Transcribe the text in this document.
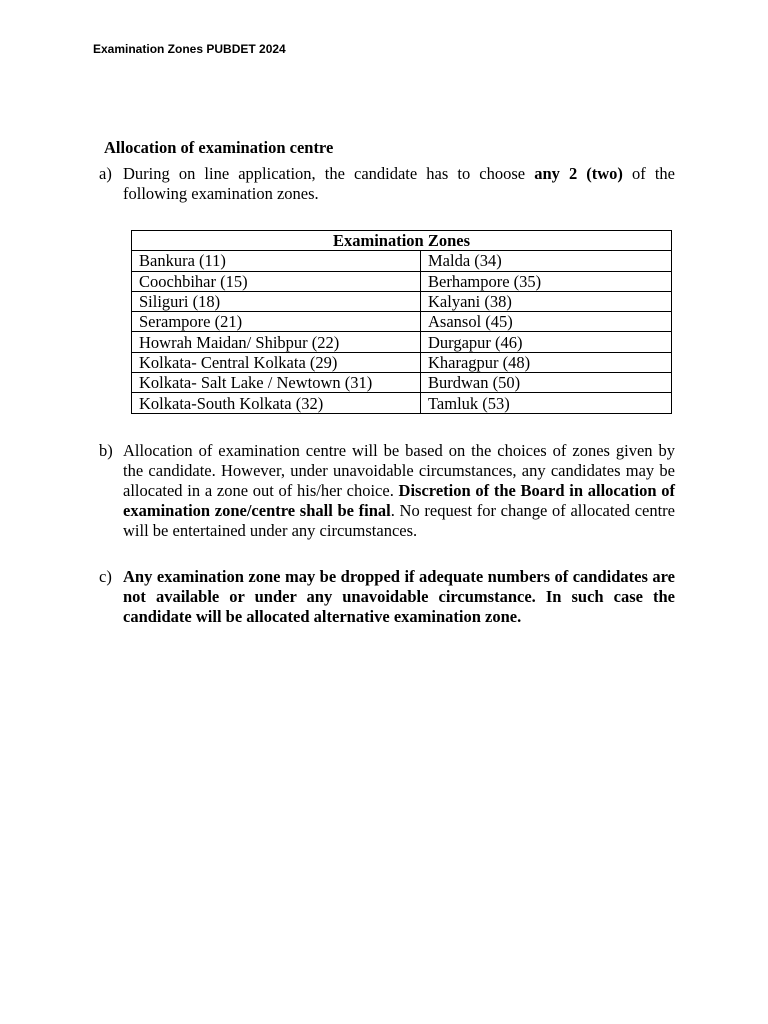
Examination Zones PUBDET 2024
Allocation of examination centre
a) During on line application, the candidate has to choose any 2 (two) of the following examination zones.
Examination Zones	
Bankura (11)	Malda (34)
Coochbihar (15)	Berhampore (35)
Siliguri (18)	Kalyani (38)
Serampore (21)	Asansol (45)
Howrah Maidan/ Shibpur (22)	Durgapur (46)
Kolkata- Central Kolkata (29)	Kharagpur (48)
Kolkata- Salt Lake / Newtown (31)	Burdwan (50)
Kolkata-South Kolkata (32)	Tamluk (53)
b) Allocation of examination centre will be based on the choices of zones given by the candidate. However, under unavoidable circumstances, any candidates may be allocated in a zone out of his/her choice. Discretion of the Board in allocation of examination zone/centre shall be final. No request for change of allocated centre will be entertained under any circumstances.
c) Any examination zone may be dropped if adequate numbers of candidates are not available or under any unavoidable circumstance. In such case the candidate will be allocated alternative examination zone.
